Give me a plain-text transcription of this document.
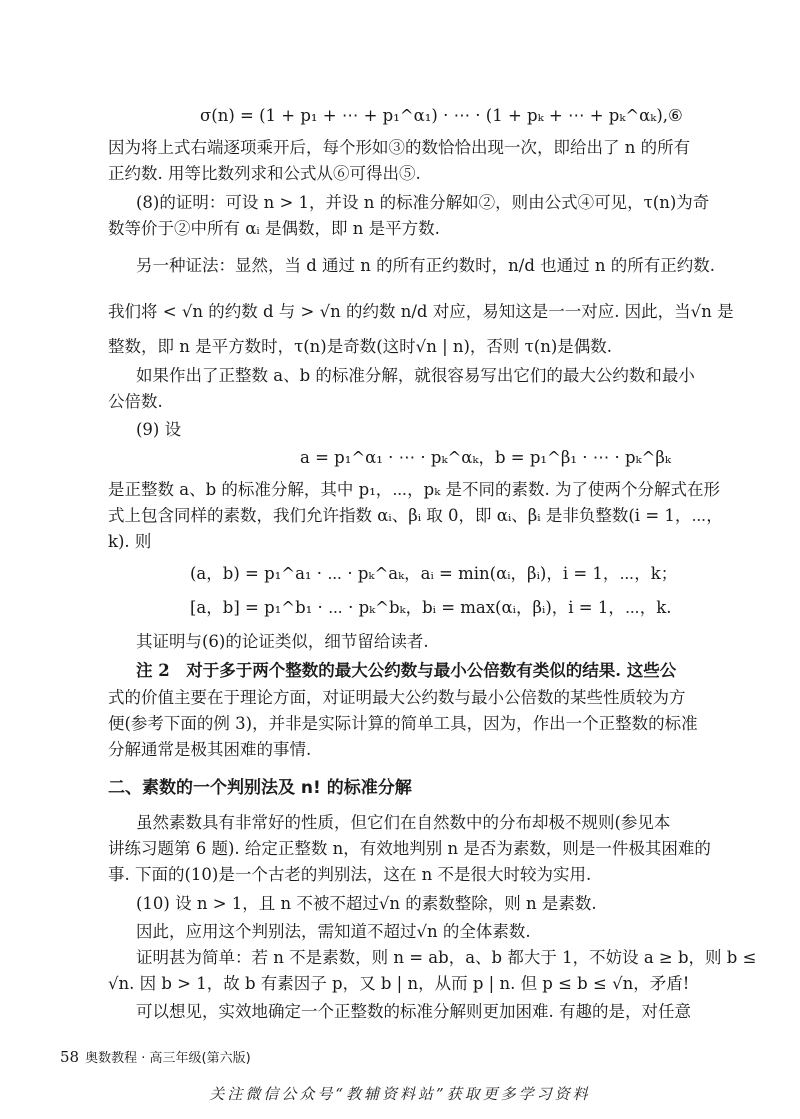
σ(n) = (1 + p₁ + ⋯ + p₁^α₁) · ⋯ · (1 + pₖ + ⋯ + pₖ^αₖ), ⑥
因为将上式右端逐项乘开后，每个形如③的数恰恰出现一次，即给出了 n 的所有
正约数. 用等比数列求和公式从⑥可得出⑤.
(8)的证明：可设 n > 1，并设 n 的标准分解如②，则由公式④可见，τ(n)为奇
数等价于②中所有 αᵢ 是偶数，即 n 是平方数.
另一种证法：显然，当 d 通过 n 的所有正约数时，n/d 也通过 n 的所有正约数.
我们将 < √n 的约数 d 与 > √n 的约数 n/d 对应，易知这是一一对应. 因此，当√n 是
整数，即 n 是平方数时，τ(n)是奇数(这时√n | n)，否则 τ(n)是偶数.
如果作出了正整数 a、b 的标准分解，就很容易写出它们的最大公约数和最小
公倍数.
(9) 设
a = p₁^α₁ · ⋯ · pₖ^αₖ，b = p₁^β₁ · ⋯ · pₖ^βₖ
是正整数 a、b 的标准分解，其中 p₁，⋯，pₖ 是不同的素数. 为了使两个分解式在形
式上包含同样的素数，我们允许指数 αᵢ、βᵢ 取 0，即 αᵢ、βᵢ 是非负整数(i = 1，⋯，
k). 则
(a，b) = p₁^a₁ · ⋯ · pₖ^aₖ，aᵢ = min(αᵢ，βᵢ)，i = 1，⋯，k；
[a，b] = p₁^b₁ · ⋯ · pₖ^bₖ，bᵢ = max(αᵢ，βᵢ)，i = 1，⋯，k.
其证明与(6)的论证类似，细节留给读者.
注 2　对于多于两个整数的最大公约数与最小公倍数有类似的结果. 这些公
式的价值主要在于理论方面，对证明最大公约数与最小公倍数的某些性质较为方
便(参考下面的例 3)，并非是实际计算的简单工具，因为，作出一个正整数的标准
分解通常是极其困难的事情.
二、素数的一个判别法及 n! 的标准分解
虽然素数具有非常好的性质，但它们在自然数中的分布却极不规则(参见本
讲练习题第 6 题). 给定正整数 n，有效地判别 n 是否为素数，则是一件极其困难的
事. 下面的(10)是一个古老的判别法，这在 n 不是很大时较为实用.
(10) 设 n > 1，且 n 不被不超过√n 的素数整除，则 n 是素数.
因此，应用这个判别法，需知道不超过√n 的全体素数.
证明甚为简单：若 n 不是素数，则 n = ab，a、b 都大于 1，不妨设 a ≥ b，则 b ≤
√n. 因 b > 1，故 b 有素因子 p，又 b | n，从而 p | n. 但 p ≤ b ≤ √n，矛盾!
可以想见，实效地确定一个正整数的标准分解则更加困难. 有趣的是，对任意
58 奥数教程 · 高三年级(第六版)
关注微信公众号“教辅资料站”获取更多学习资料
